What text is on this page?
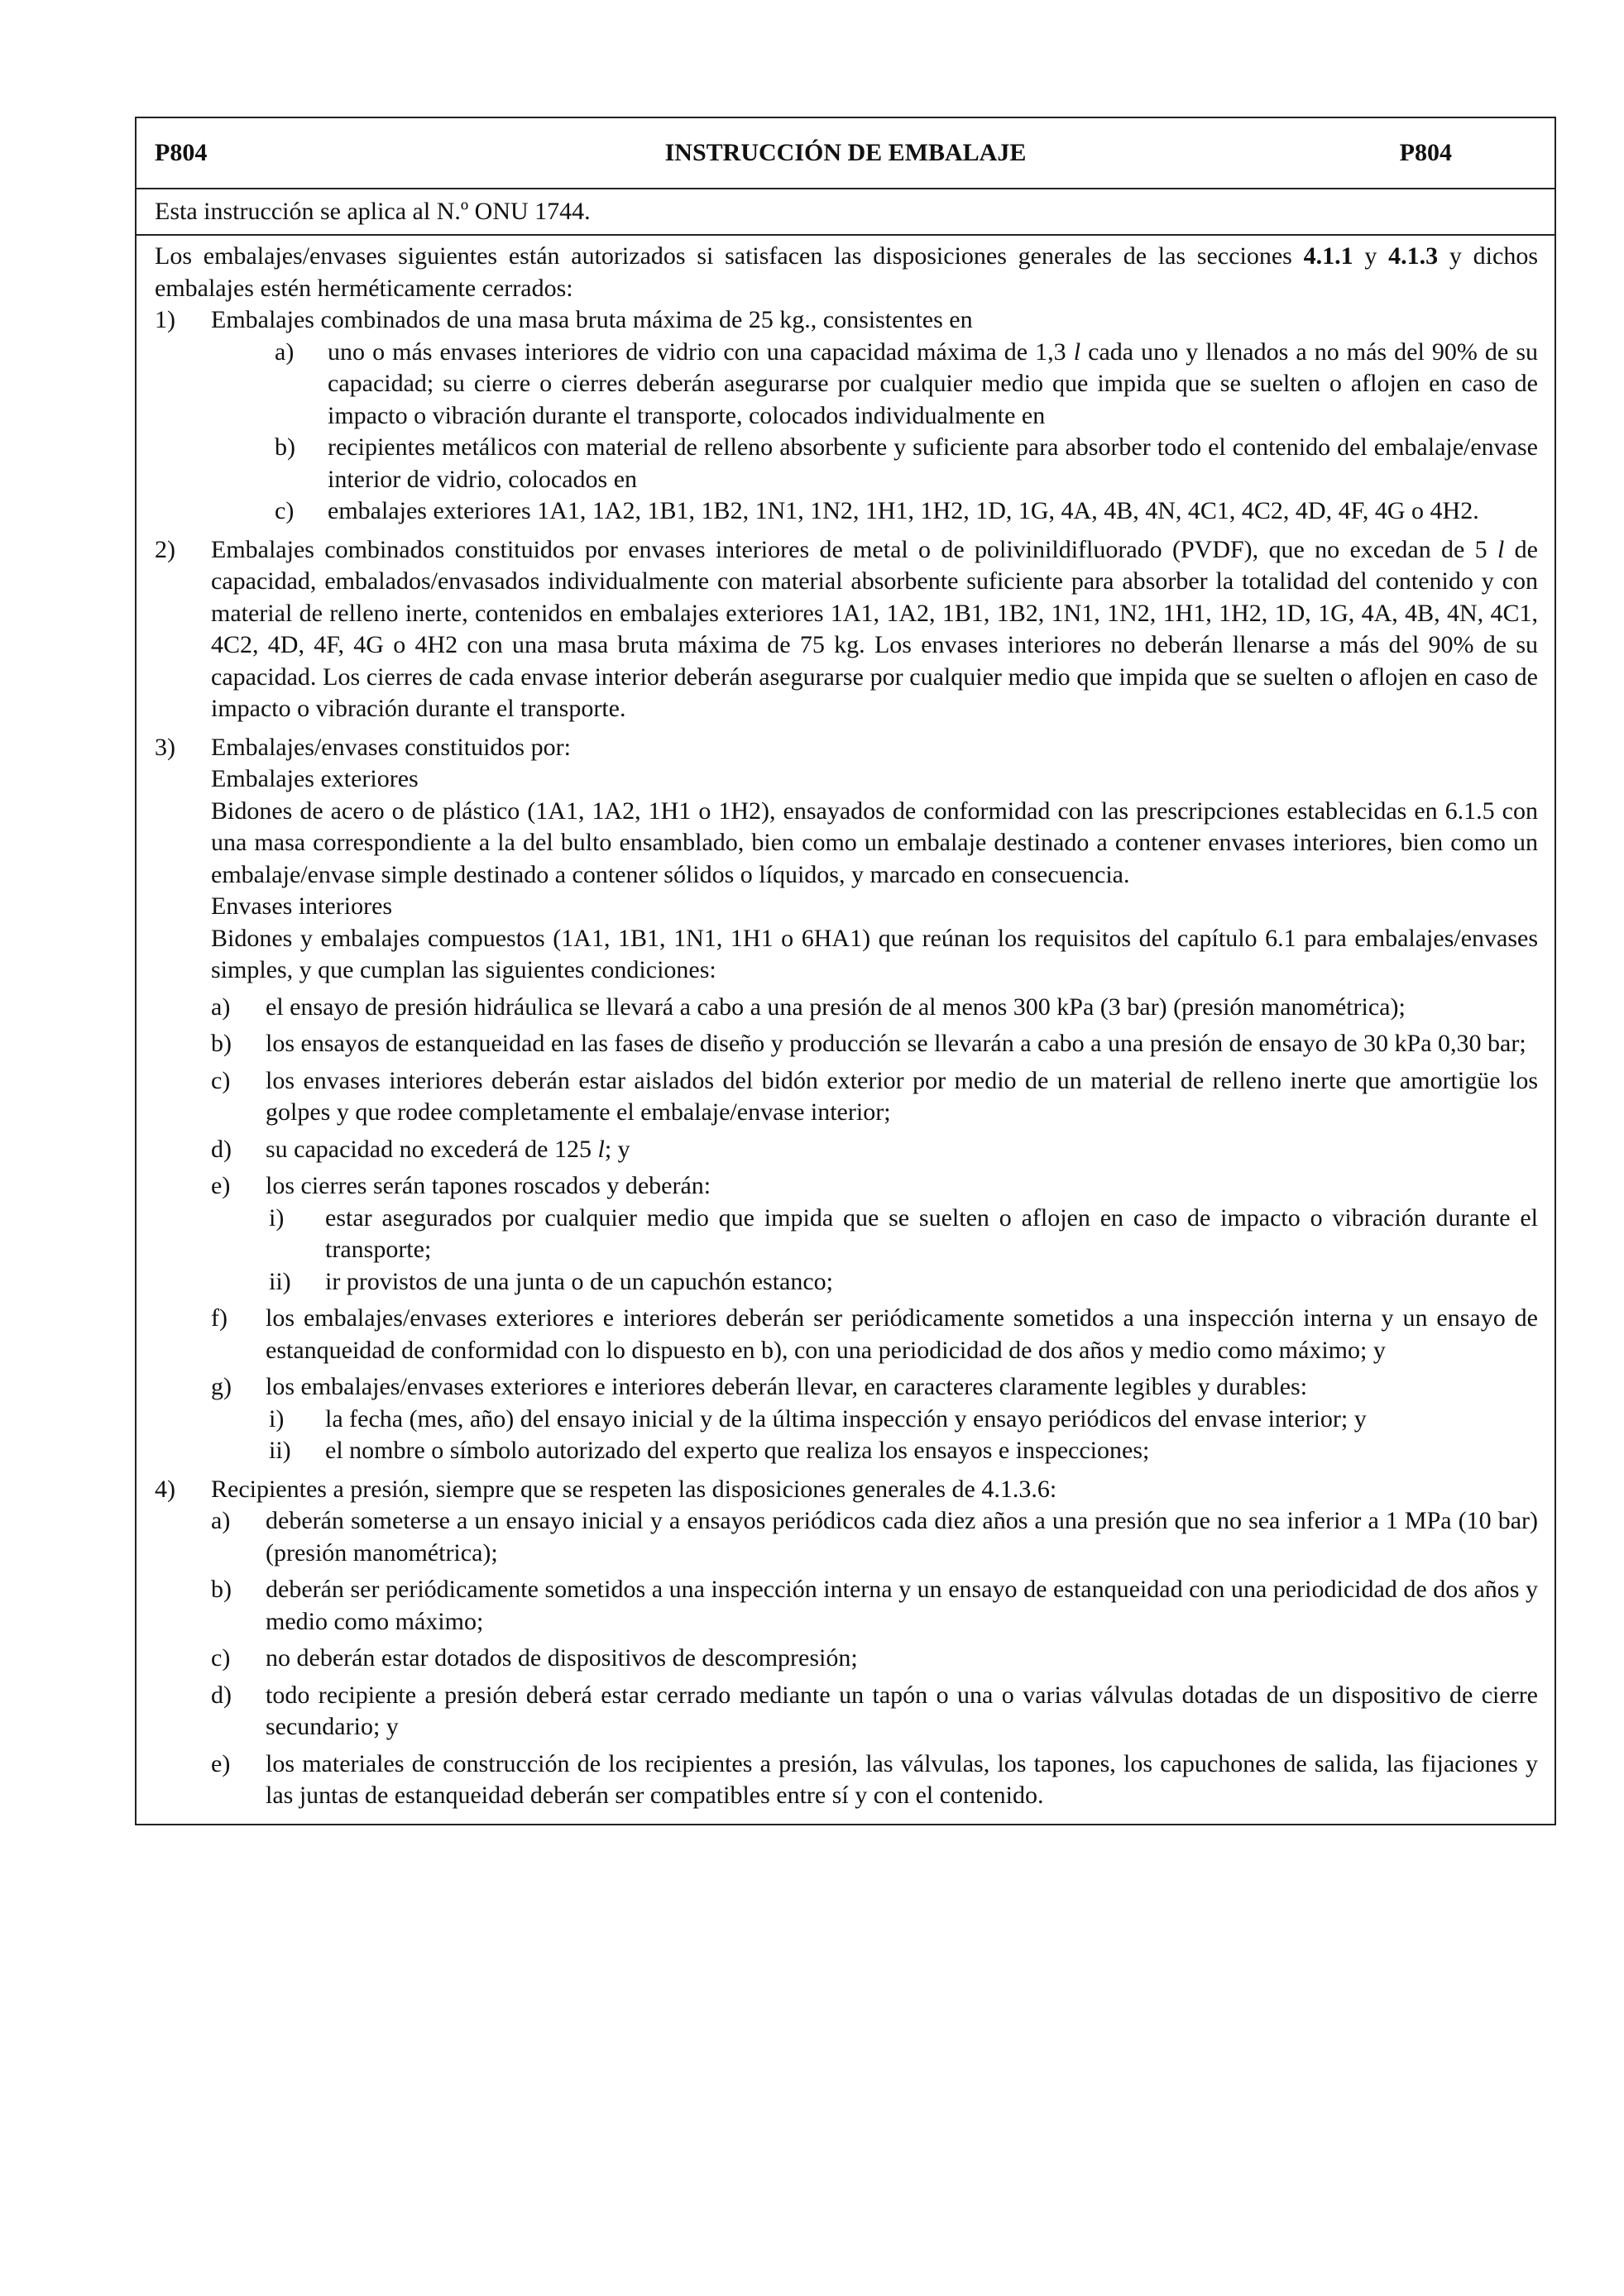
P804	INSTRUCCIÓN DE EMBALAJE	P804
Esta instrucción se aplica al N.º ONU 1744.

Los embalajes/envases siguientes están autorizados si satisfacen las disposiciones generales de las secciones 4.1.1 y 4.1.3 y dichos embalajes estén herméticamente cerrados:

1)	Embalajes combinados de una masa bruta máxima de 25 kg., consistentes en
a)	uno o más envases interiores de vidrio con una capacidad máxima de 1,3 l cada uno y llenados a no más del 90% de su capacidad; su cierre o cierres deberán asegurarse por cualquier medio que impida que se suelten o aflojen en caso de impacto o vibración durante el transporte, colocados individualmente en
b)	recipientes metálicos con material de relleno absorbente y suficiente para absorber todo el contenido del embalaje/envase interior de vidrio, colocados en
c)	embalajes exteriores 1A1, 1A2, 1B1, 1B2, 1N1, 1N2, 1H1, 1H2, 1D, 1G, 4A, 4B, 4N, 4C1, 4C2, 4D, 4F, 4G o 4H2.
2)	Embalajes combinados constituidos por envases interiores de metal o de polivinildifluorado (PVDF), que no excedan de 5 l de capacidad, embalados/envasados individualmente con material absorbente suficiente para absorber la totalidad del contenido y con material de relleno inerte, contenidos en embalajes exteriores 1A1, 1A2, 1B1, 1B2, 1N1, 1N2, 1H1, 1H2, 1D, 1G, 4A, 4B, 4N, 4C1, 4C2, 4D, 4F, 4G o 4H2 con una masa bruta máxima de 75 kg. Los envases interiores no deberán llenarse a más del 90% de su capacidad. Los cierres de cada envase interior deberán asegurarse por cualquier medio que impida que se suelten o aflojen en caso de impacto o vibración durante el transporte.
3)	Embalajes/envases constituidos por:

Embalajes exteriores

Bidones de acero o de plástico (1A1, 1A2, 1H1 o 1H2), ensayados de conformidad con las prescripciones establecidas en 6.1.5 con una masa correspondiente a la del bulto ensamblado, bien como un embalaje destinado a contener envases interiores, bien como un embalaje/envase simple destinado a contener sólidos o líquidos, y marcado en consecuencia.

Envases interiores

Bidones y embalajes compuestos (1A1, 1B1, 1N1, 1H1 o 6HA1) que reúnan los requisitos del capítulo 6.1 para embalajes/envases simples, y que cumplan las siguientes condiciones:

a)	el ensayo de presión hidráulica se llevará a cabo a una presión de al menos 300 kPa (3 bar) (presión manométrica);
b)	los ensayos de estanqueidad en las fases de diseño y producción se llevarán a cabo a una presión de ensayo de 30 kPa 0,30 bar;
c)	los envases interiores deberán estar aislados del bidón exterior por medio de un material de relleno inerte que amortigüe los golpes y que rodee completamente el embalaje/envase interior;
d)	su capacidad no excederá de 125 l; y
e)	los cierres serán tapones roscados y deberán:
i)	estar asegurados por cualquier medio que impida que se suelten o aflojen en caso de impacto o vibración durante el transporte;
ii)	ir provistos de una junta o de un capuchón estanco;
f)	los embalajes/envases exteriores e interiores deberán ser periódicamente sometidos a una inspección interna y un ensayo de estanqueidad de conformidad con lo dispuesto en b), con una periodicidad de dos años y medio como máximo; y
g)	los embalajes/envases exteriores e interiores deberán llevar, en caracteres claramente legibles y durables:
i)	la fecha (mes, año) del ensayo inicial y de la última inspección y ensayo periódicos del envase interior; y
ii)	el nombre o símbolo autorizado del experto que realiza los ensayos e inspecciones;
4)	Recipientes a presión, siempre que se respeten las disposiciones generales de 4.1.3.6:

a)	deberán someterse a un ensayo inicial y a ensayos periódicos cada diez años a una presión que no sea inferior a 1 MPa (10 bar) (presión manométrica);
b)	deberán ser periódicamente sometidos a una inspección interna y un ensayo de estanqueidad con una periodicidad de dos años y medio como máximo;
c)	no deberán estar dotados de dispositivos de descompresión;
d)	todo recipiente a presión deberá estar cerrado mediante un tapón o una o varias válvulas dotadas de un dispositivo de cierre secundario; y
e)	los materiales de construcción de los recipientes a presión, las válvulas, los tapones, los capuchones de salida, las fijaciones y las juntas de estanqueidad deberán ser compatibles entre sí y con el contenido.
